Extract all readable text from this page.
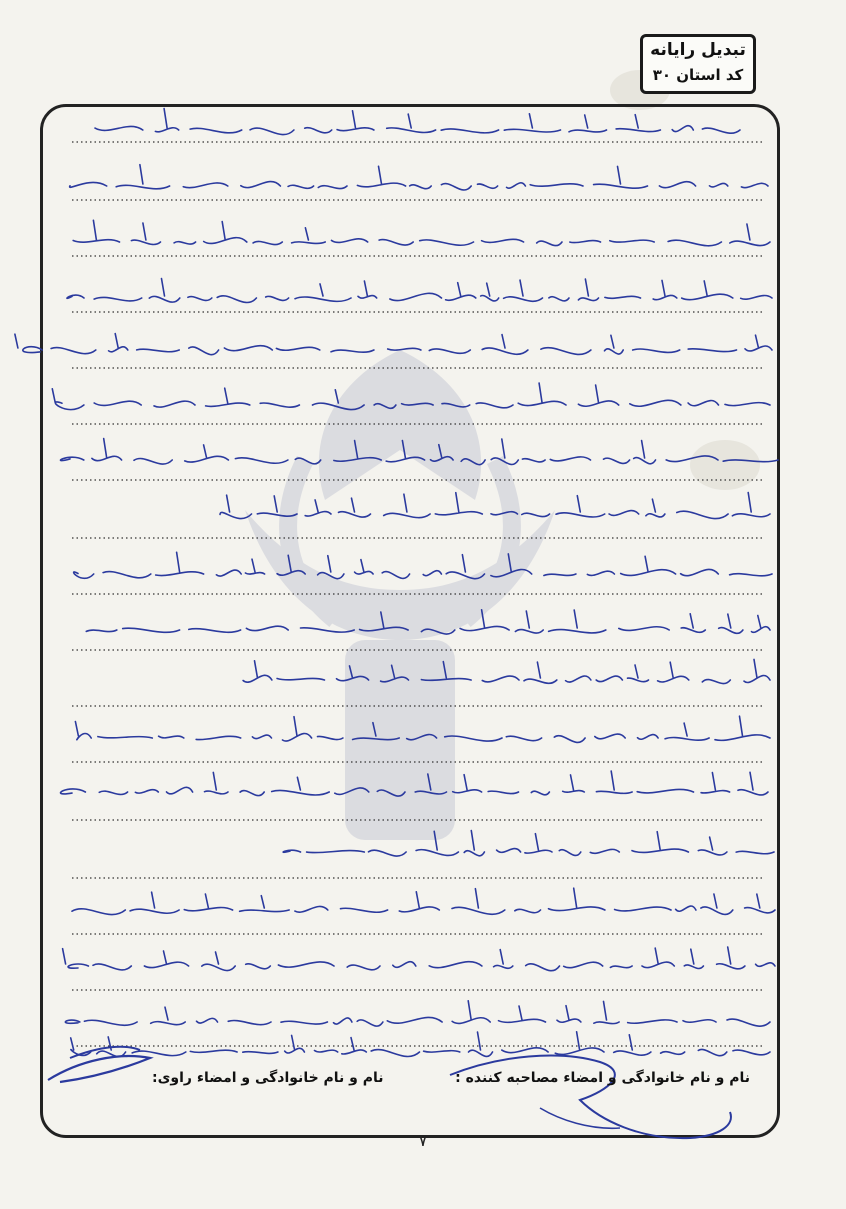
تبدیل رایانه
کد استان ۳۰
نام و نام خانوادگی و امضاء مصاحبه کننده :
نام و نام خانوادگی و امضاء راوی:
۷
